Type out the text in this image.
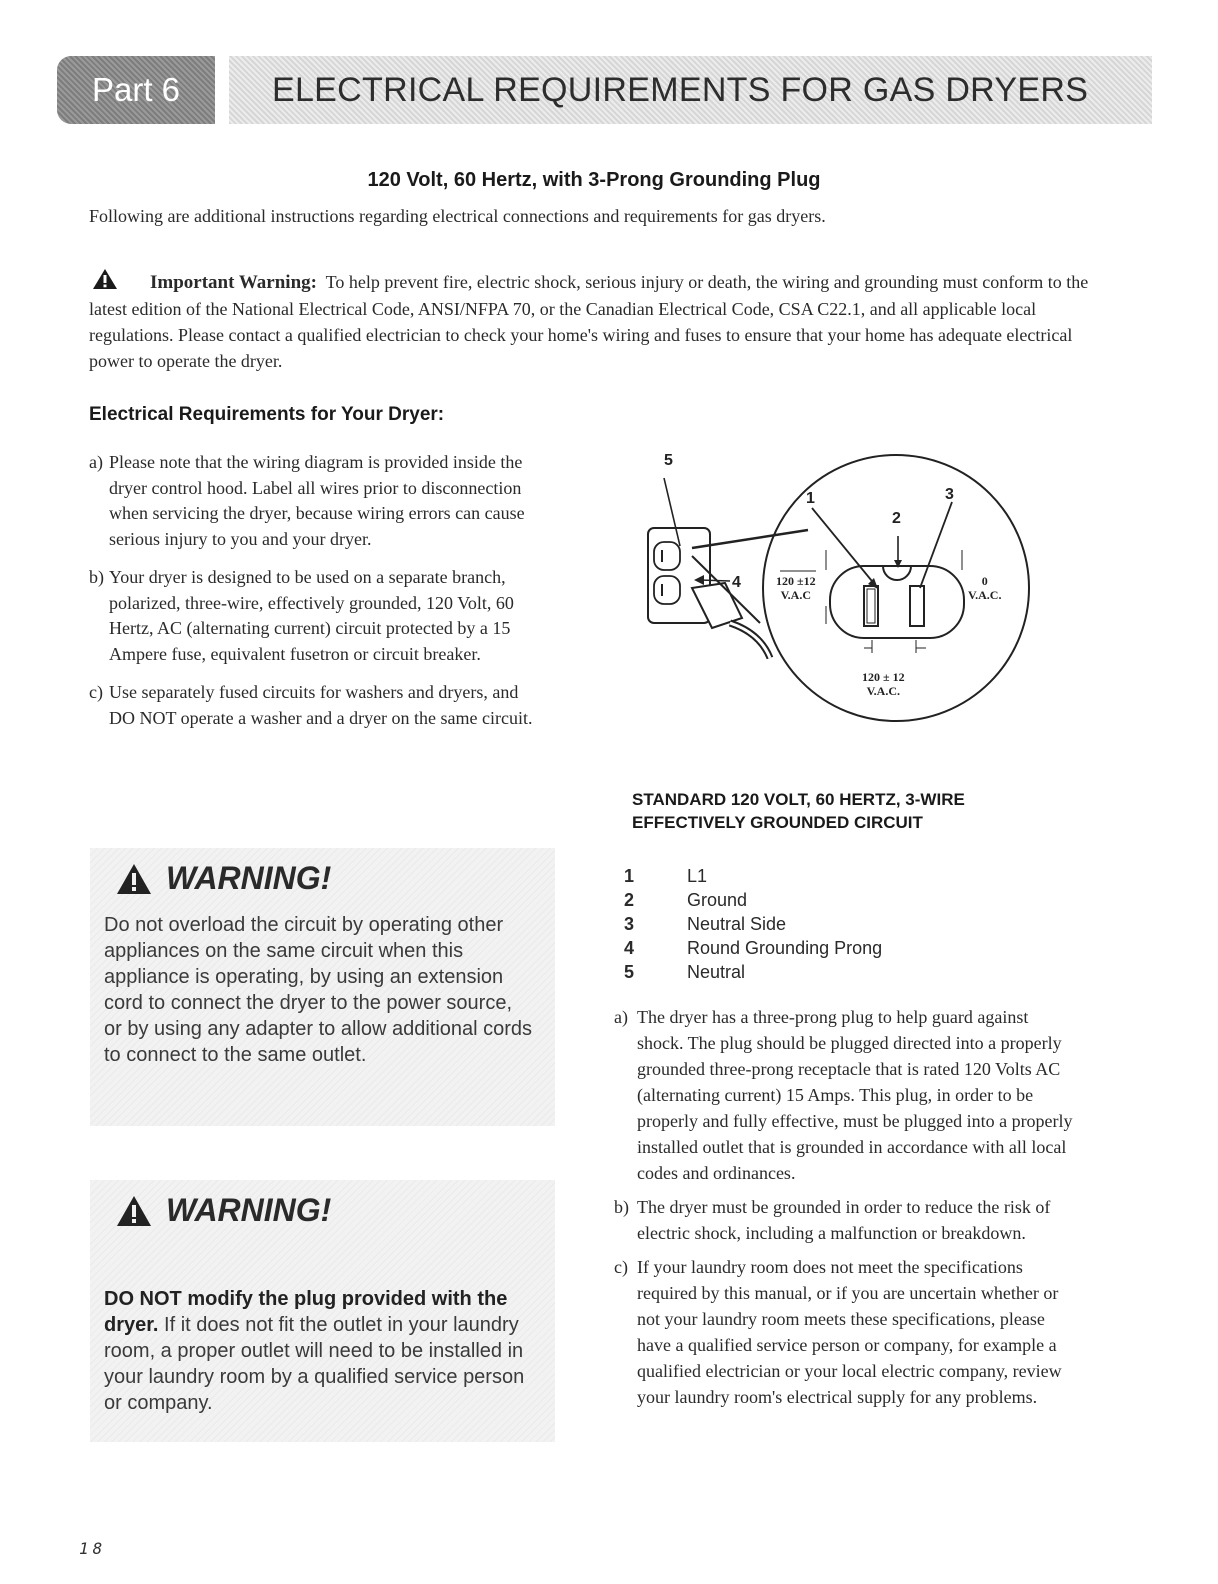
Part 6	ELECTRICAL REQUIREMENTS FOR GAS DRYERS
120 Volt, 60 Hertz, with 3-Prong Grounding Plug
Following are additional instructions regarding electrical connections and requirements for gas dryers.
Important Warning: To help prevent fire, electric shock, serious injury or death, the wiring and grounding must conform to the latest edition of the National Electrical Code, ANSI/NFPA 70, or the Canadian Electrical Code, CSA C22.1, and all applicable local regulations. Please contact a qualified electrician to check your home's wiring and fuses to ensure that your home has adequate electrical power to operate the dryer.
Electrical Requirements for Your Dryer:
a) Please note that the wiring diagram is provided inside the dryer control hood. Label all wires prior to disconnection when servicing the dryer, because wiring errors can cause serious injury to you and your dryer.
b) Your dryer is designed to be used on a separate branch, polarized, three-wire, effectively grounded, 120 Volt, 60 Hertz, AC (alternating current) circuit protected by a 15 Ampere fuse, equivalent fusetron or circuit breaker.
c) Use separately fused circuits for washers and dryers, and DO NOT operate a washer and a dryer on the same circuit.
WARNING!
Do not overload the circuit by operating other appliances on the same circuit when this appliance is operating, by using an extension cord to connect the dryer to the power source, or by using any adapter to allow additional cords to connect to the same outlet.
WARNING!
DO NOT modify the plug provided with the dryer. If it does not fit the outlet in your laundry room, a proper outlet will need to be installed in your laundry room by a qualified service person or company.
5
1
2
3
4	120 ±12
V.A.C
0
V.A.C.
120 ± 12
V.A.C.
STANDARD 120 VOLT, 60 HERTZ, 3-WIRE
EFFECTIVELY GROUNDED CIRCUIT
1	L1
2	Ground
3	Neutral Side
4	Round Grounding Prong
5	Neutral
a) The dryer has a three-prong plug to help guard against shock. The plug should be plugged directed into a properly grounded three-prong receptacle that is rated 120 Volts AC (alternating current) 15 Amps. This plug, in order to be properly and fully effective, must be plugged into a properly installed outlet that is grounded in accordance with all local codes and ordinances.
b) The dryer must be grounded in order to reduce the risk of electric shock, including a malfunction or breakdown.
c) If your laundry room does not meet the specifications required by this manual, or if you are uncertain whether or not your laundry room meets these specifications, please have a qualified service person or company, for example a qualified electrician or your local electric company, review your laundry room's electrical supply for any problems.
18
